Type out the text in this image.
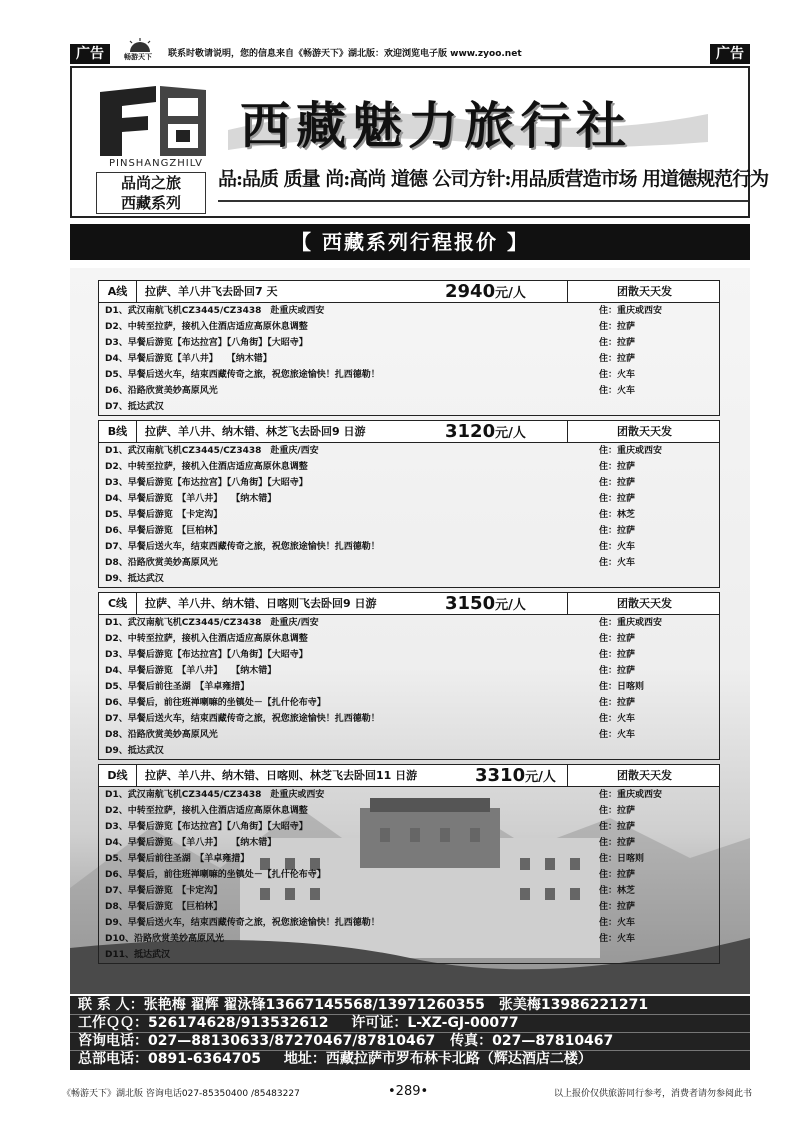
广告	畅游天下 联系时敬请说明，您的信息来自《畅游天下》湖北版：欢迎浏览电子版 www.zyoo.net	广告
PINSHANGZHILV
品尚之旅
西藏系列
西藏魅力旅行社
品:品质 质量 尚:高尚 道德 公司方针:用品质营造市场 用道德规范行为
【 西藏系列行程报价 】
A线	拉萨、羊八井飞去卧回7 天	2940元/人	团散天天发
D1、武汉南航飞机CZ3445/CZ3438　赴重庆或西安	住：重庆或西安
D2、中转至拉萨，接机入住酒店适应高原休息调整	住：拉萨
D3、早餐后游览【布达拉宫】【八角街】【大昭寺】	住：拉萨
D4、早餐后游览【羊八井】　　【纳木错】	住：拉萨
D5、早餐后送火车，结束西藏传奇之旅，祝您旅途愉快！扎西德勒！	住：火车
D6、沿路欣赏美妙高原风光	住：火车
D7、抵达武汉
B线	拉萨、羊八井、纳木错、林芝飞去卧回9 日游	3120元/人	团散天天发
D1、武汉南航飞机CZ3445/CZ3438　赴重庆/西安	住：重庆或西安
D2、中转至拉萨，接机入住酒店适应高原休息调整	住：拉萨
D3、早餐后游览【布达拉宫】【八角街】【大昭寺】	住：拉萨
D4、早餐后游览　【羊八井】　　【纳木错】	住：拉萨
D5、早餐后游览　【卡定沟】	住：林芝
D6、早餐后游览　【巨柏林】	住：拉萨
D7、早餐后送火车，结束西藏传奇之旅，祝您旅途愉快！扎西德勒！	住：火车
D8、沿路欣赏美妙高原风光	住：火车
D9、抵达武汉
C线	拉萨、羊八井、纳木错、日喀则飞去卧回9 日游	3150元/人	团散天天发
D1、武汉南航飞机CZ3445/CZ3438　赴重庆/西安	住：重庆或西安
D2、中转至拉萨，接机入住酒店适应高原休息调整	住：拉萨
D3、早餐后游览【布达拉宫】【八角街】【大昭寺】	住：拉萨
D4、早餐后游览　【羊八井】　　【纳木错】	住：拉萨
D5、早餐后前往圣湖　【羊卓雍措】	住：日喀则
D6、早餐后，前往班禅喇嘛的坐镇处－【扎什伦布寺】	住：拉萨
D7、早餐后送火车，结束西藏传奇之旅，祝您旅途愉快！扎西德勒！	住：火车
D8、沿路欣赏美妙高原风光	住：火车
D9、抵达武汉
D线	拉萨、羊八井、纳木错、日喀则、林芝飞去卧回11 日游	3310元/人	团散天天发
D1、武汉南航飞机CZ3445/CZ3438　赴重庆或西安	住：重庆或西安
D2、中转至拉萨，接机入住酒店适应高原休息调整	住：拉萨
D3、早餐后游览【布达拉宫】【八角街】【大昭寺】	住：拉萨
D4、早餐后游览　【羊八井】　　【纳木错】	住：拉萨
D5、早餐后前往圣湖　【羊卓雍措】	住：日喀则
D6、早餐后，前往班禅喇嘛的坐镇处－【扎什伦布寺】	住：拉萨
D7、早餐后游览　【卡定沟】	住：林芝
D8、早餐后游览　【巨柏林】	住：拉萨
D9、早餐后送火车，结束西藏传奇之旅，祝您旅途愉快！扎西德勒！	住：火车
D10、沿路欣赏美妙高原风光	住：火车
D11、抵达武汉
联 系 人：张艳梅 翟辉 翟泳锋13667145568/13971260355　张美梅13986221271
工作ＱＱ：526174628/913532612 许可证：L-XZ-GJ-00077
咨询电话：027—88130633/87270467/87810467 传真：027—87810467
总部电话：0891-6364705 地址：西藏拉萨市罗布林卡北路（辉达酒店二楼）
《畅游天下》湖北版 咨询电话027-85350400 /85483227	•289•	以上报价仅供旅游同行参考，消费者请勿参阅此书
